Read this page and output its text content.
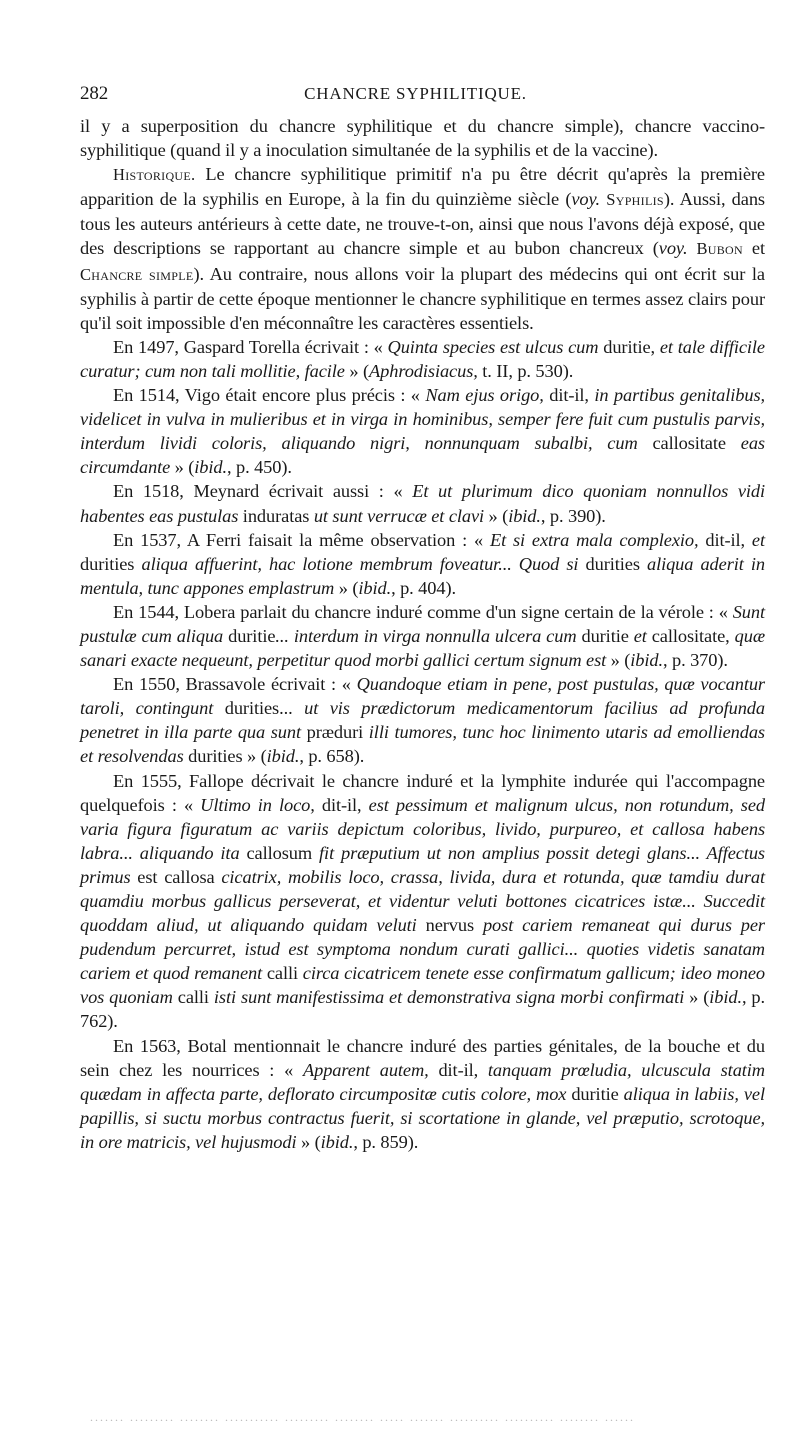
282	CHANCRE SYPHILITIQUE.

il y a superposition du chancre syphilitique et du chancre simple), chancre vaccino-syphilitique (quand il y a inoculation simultanée de la syphilis et de la vaccine).

Historique. Le chancre syphilitique primitif n'a pu être décrit qu'après la première apparition de la syphilis en Europe, à la fin du quinzième siècle (voy. Syphilis). Aussi, dans tous les auteurs antérieurs à cette date, ne trouve-t-on, ainsi que nous l'avons déjà exposé, que des descriptions se rapportant au chancre simple et au bubon chancreux (voy. Bubon et Chancre simple). Au contraire, nous allons voir la plupart des médecins qui ont écrit sur la syphilis à partir de cette époque mentionner le chancre syphilitique en termes assez clairs pour qu'il soit impossible d'en méconnaître les caractères essentiels.

En 1497, Gaspard Torella écrivait : « Quinta species est ulcus cum duritie, et tale difficile curatur; cum non tali mollitie, facile » (Aphrodisiacus, t. II, p. 530).

En 1514, Vigo était encore plus précis : « Nam ejus origo, dit-il, in partibus genitalibus, videlicet in vulva in mulieribus et in virga in hominibus, semper fere fuit cum pustulis parvis, interdum lividi coloris, aliquando nigri, nonnunquam subalbi, cum callositate eas circumdante » (ibid., p. 450).

En 1518, Meynard écrivait aussi : « Et ut plurimum dico quoniam nonnullos vidi habentes eas pustulas induratas ut sunt verrucæ et clavi » (ibid., p. 390).

En 1537, A Ferri faisait la même observation : « Et si extra mala complexio, dit-il, et durities aliqua affuerint, hac lotione membrum foveatur... Quod si durities aliqua aderit in mentula, tunc appones emplastrum » (ibid., p. 404).

En 1544, Lobera parlait du chancre induré comme d'un signe certain de la vérole : « Sunt pustulæ cum aliqua duritie... interdum in virga nonnulla ulcera cum duritie et callositate, quæ sanari exacte nequeunt, perpetitur quod morbi gallici certum signum est » (ibid., p. 370).

En 1550, Brassavole écrivait : « Quandoque etiam in pene, post pustulas, quæ vocantur taroli, contingunt durities... ut vis prædictorum medicamentorum facilius ad profunda penetret in illa parte qua sunt præduri illi tumores, tunc hoc linimento utaris ad emolliendas et resolvendas durities » (ibid., p. 658).

En 1555, Fallope décrivait le chancre induré et la lymphite indurée qui l'accompagne quelquefois : « Ultimo in loco, dit-il, est pessimum et malignum ulcus, non rotundum, sed varia figura figuratum ac variis depictum coloribus, livido, purpureo, et callosa habens labra... aliquando ita callosum fit præputium ut non amplius possit detegi glans... Affectus primus est callosa cicatrix, mobilis loco, crassa, livida, dura et rotunda, quæ tamdiu durat quamdiu morbus gallicus perseverat, et videntur veluti bottones cicatrices istæ... Succedit quoddam aliud, ut aliquando quidam veluti nervus post cariem remaneat qui durus per pudendum percurret, istud est symptoma nondum curati gallici... quoties videtis sanatam cariem et quod remanent calli circa cicatricem tenete esse confirmatum gallicum; ideo moneo vos quoniam calli isti sunt manifestissima et demonstrativa signa morbi confirmati » (ibid., p. 762).

En 1563, Botal mentionnait le chancre induré des parties génitales, de la bouche et du sein chez les nourrices : « Apparent autem, dit-il, tanquam prœludia, ulcuscula statim quædam in affecta parte, deflorato circumpositæ cutis colore, mox duritie aliqua in labiis, vel papillis, si suctu morbus contractus fuerit, si scortatione in glande, vel præputio, scrotoque, in ore matricis, vel hujusmodi » (ibid., p. 859).

....... ......... ........ ........... ......... ........ ..... ....... .......... .......... ........ ......
